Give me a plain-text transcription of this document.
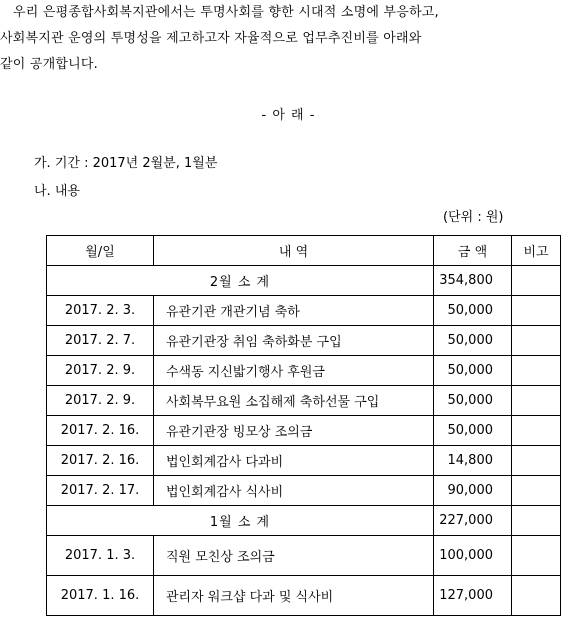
우리 은평종합사회복지관에서는 투명사회를 향한 시대적 소명에 부응하고,
사회복지관 운영의 투명성을 제고하고자 자율적으로 업무추진비를 아래와
같이 공개합니다.
- 아 래 -
가. 기간 : 2017년 2월분, 1월분
나. 내용
(단위 : 원)
월/일	내 역	금 액	비고
2월 소 계		354,800	
2017. 2. 3.	유관기관 개관기념 축하	50,000	
2017. 2. 7.	유관기관장 취임 축하화분 구입	50,000	
2017. 2. 9.	수색동 지신밟기행사 후원금	50,000	
2017. 2. 9.	사회복무요원 소집해제 축하선물 구입	50,000	
2017. 2. 16.	유관기관장 빙모상 조의금	50,000	
2017. 2. 16.	법인회계감사 다과비	14,800	
2017. 2. 17.	법인회계감사 식사비	90,000	
1월 소 계		227,000	
2017. 1. 3.	직원 모친상 조의금	100,000	
2017. 1. 16.	관리자 워크샵 다과 및 식사비	127,000	
